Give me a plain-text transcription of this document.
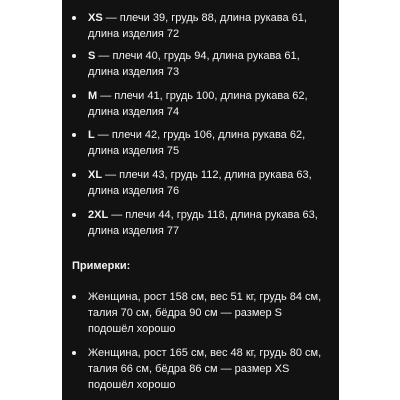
XS — плечи 39, грудь 88, длина рукава 61,
длина изделия 72
S — плечи 40, грудь 94, длина рукава 61,
длина изделия 73
M — плечи 41, грудь 100, длина рукава 62,
длина изделия 74
L — плечи 42, грудь 106, длина рукава 62,
длина изделия 75
XL — плечи 43, грудь 112, длина рукава 63,
длина изделия 76
2XL — плечи 44, грудь 118, длина рукава 63,
длина изделия 77
Примерки:
Женщина, рост 158 см, вес 51 кг, грудь 84 см,
талия 70 см, бёдра 90 см — размер S
подошёл хорошо
Женщина, рост 165 см, вес 48 кг, грудь 80 см,
талия 66 см, бёдра 86 см — размер XS
подошёл хорошо
